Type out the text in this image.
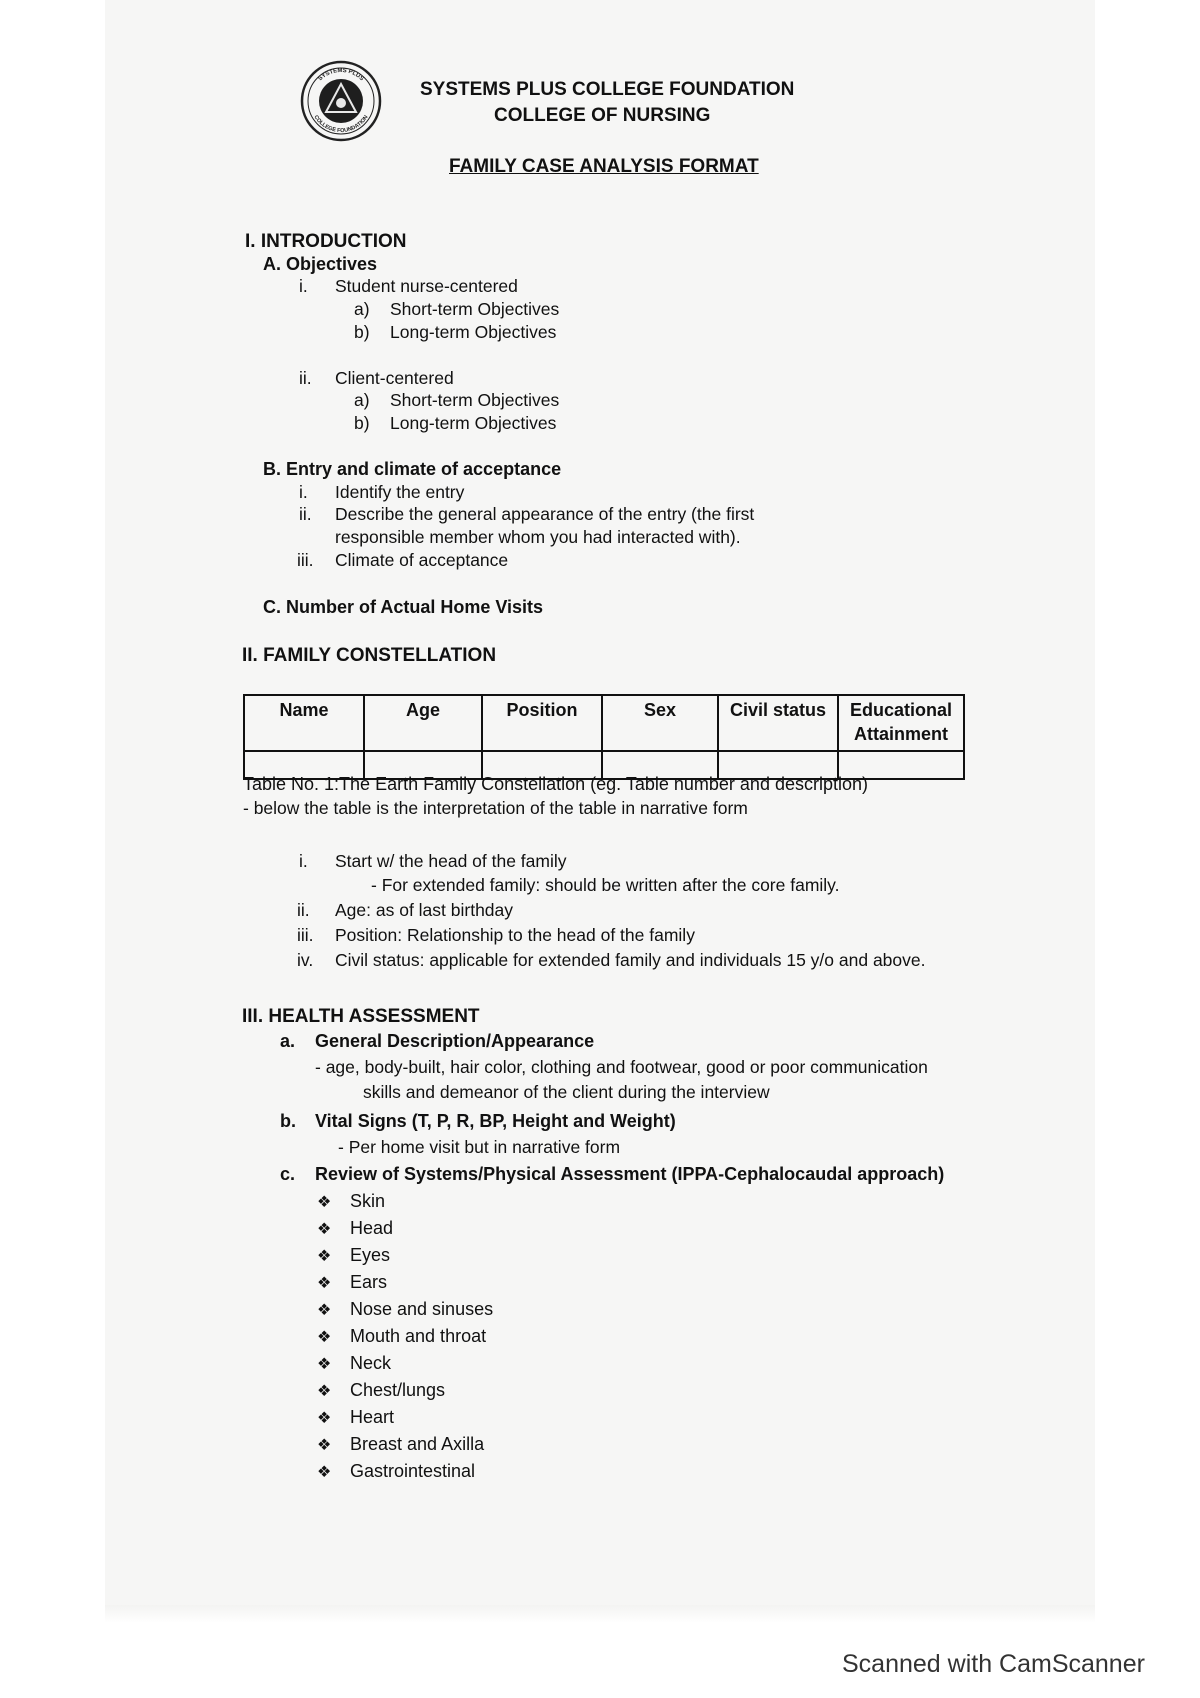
SYSTEMS PLUS
COLLEGE FOUNDATION
SYSTEMS PLUS COLLEGE FOUNDATION
COLLEGE OF NURSING
FAMILY CASE ANALYSIS FORMAT
I. INTRODUCTION
A. Objectives
i. Student nurse-centered
a) Short-term Objectives
b) Long-term Objectives
ii. Client-centered
a) Short-term Objectives
b) Long-term Objectives
B. Entry and climate of acceptance
i. Identify the entry
ii. Describe the general appearance of the entry (the first
responsible member whom you had interacted with).
iii. Climate of acceptance
C. Number of Actual Home Visits
II. FAMILY CONSTELLATION
Name	Age	Position	Sex	Civil status	Educational Attainment

Table No. 1:The Earth Family Constellation (eg. Table number and description)
- below the table is the interpretation of the table in narrative form
i. Start w/ the head of the family
- For extended family: should be written after the core family.
ii. Age: as of last birthday
iii. Position: Relationship to the head of the family
iv. Civil status: applicable for extended family and individuals 15 y/o and above.
III. HEALTH ASSESSMENT
a. General Description/Appearance
- age, body-built, hair color, clothing and footwear, good or poor communication
skills and demeanor of the client during the interview
b. Vital Signs (T, P, R, BP, Height and Weight)
- Per home visit but in narrative form
c. Review of Systems/Physical Assessment (IPPA-Cephalocaudal approach)
❖ Skin
❖ Head
❖ Eyes
❖ Ears
❖ Nose and sinuses
❖ Mouth and throat
❖ Neck
❖ Chest/lungs
❖ Heart
❖ Breast and Axilla
❖ Gastrointestinal
Scanned with CamScanner
